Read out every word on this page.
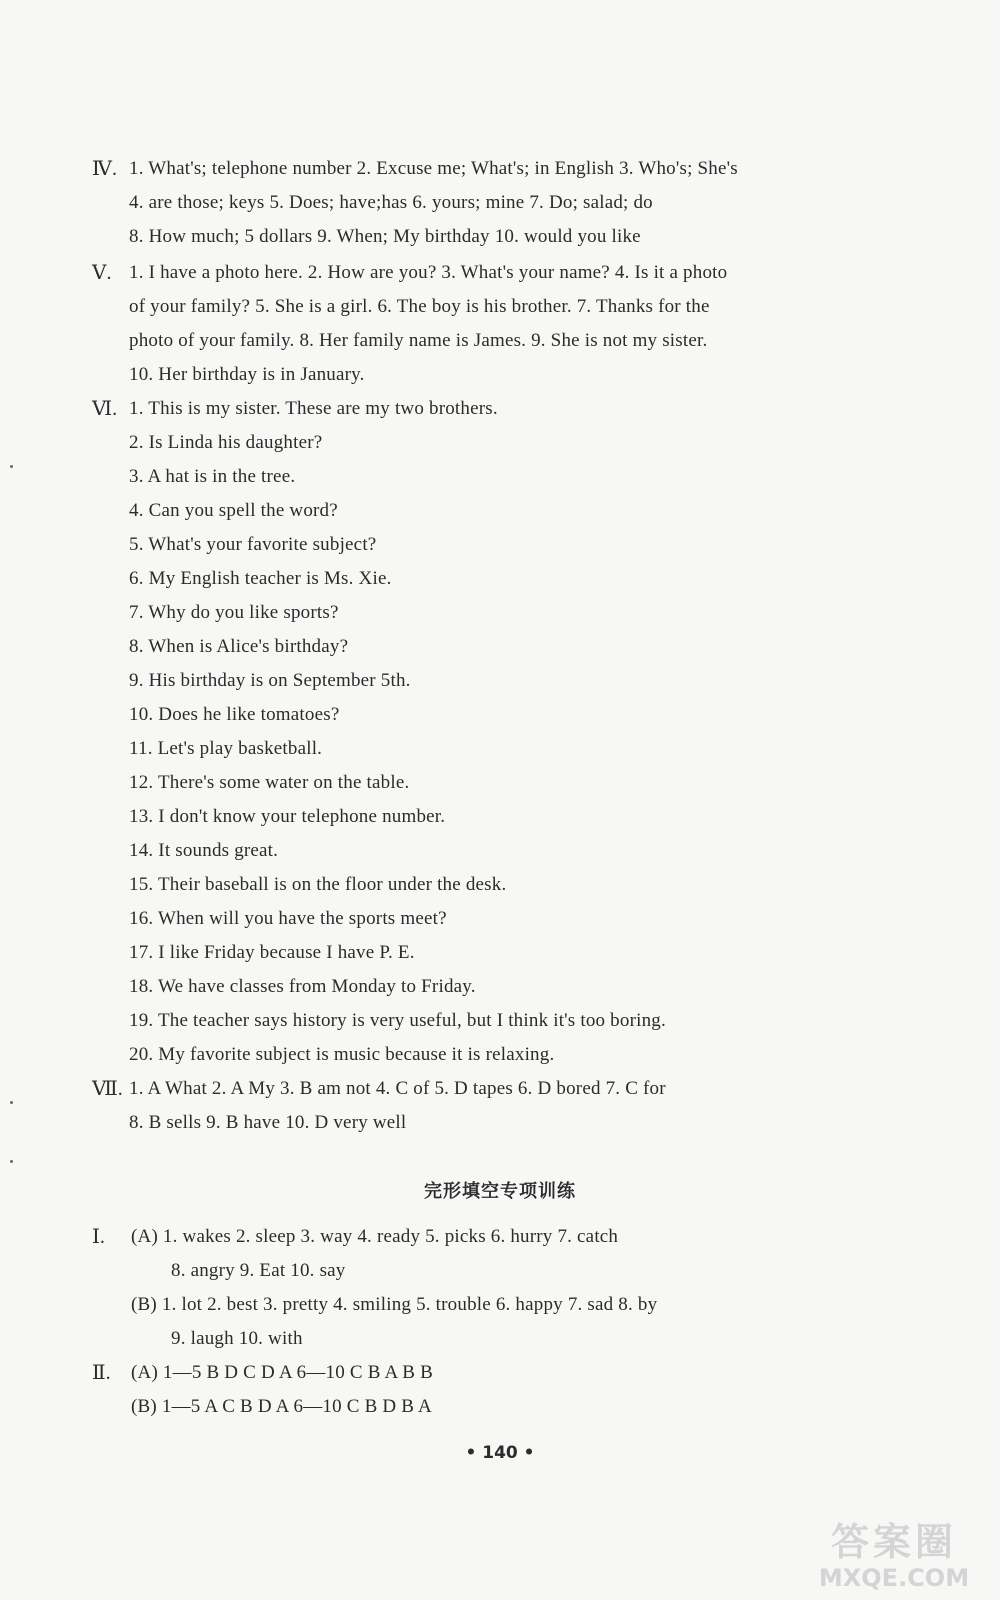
Ⅳ. 1. What's; telephone number 2. Excuse me; What's; in English 3. Who's; She's
4. are those; keys 5. Does; have;has 6. yours; mine 7. Do; salad; do
8. How much; 5 dollars 9. When; My birthday 10. would you like
Ⅴ. 1. I have a photo here. 2. How are you? 3. What's your name? 4. Is it a photo
of your family? 5. She is a girl. 6. The boy is his brother. 7. Thanks for the
photo of your family. 8. Her family name is James. 9. She is not my sister.
10. Her birthday is in January.
Ⅵ. 1. This is my sister. These are my two brothers.
2. Is Linda his daughter?
3. A hat is in the tree.
4. Can you spell the word?
5. What's your favorite subject?
6. My English teacher is Ms. Xie.
7. Why do you like sports?
8. When is Alice's birthday?
9. His birthday is on September 5th.
10. Does he like tomatoes?
11. Let's play basketball.
12. There's some water on the table.
13. I don't know your telephone number.
14. It sounds great.
15. Their baseball is on the floor under the desk.
16. When will you have the sports meet?
17. I like Friday because I have P. E.
18. We have classes from Monday to Friday.
19. The teacher says history is very useful, but I think it's too boring.
20. My favorite subject is music because it is relaxing.
Ⅶ. 1. A What 2. A My 3. B am not 4. C of 5. D tapes 6. D bored 7. C for
8. B sells 9. B have 10. D very well
完形填空专项训练
Ⅰ. (A) 1. wakes 2. sleep 3. way 4. ready 5. picks 6. hurry 7. catch
8. angry 9. Eat 10. say
(B) 1. lot 2. best 3. pretty 4. smiling 5. trouble 6. happy 7. sad 8. by
9. laugh 10. with
Ⅱ. (A) 1—5 B D C D A 6—10 C B A B B
(B) 1—5 A C B D A 6—10 C B D B A
• 140 •
答案圈
MXQE.COM
